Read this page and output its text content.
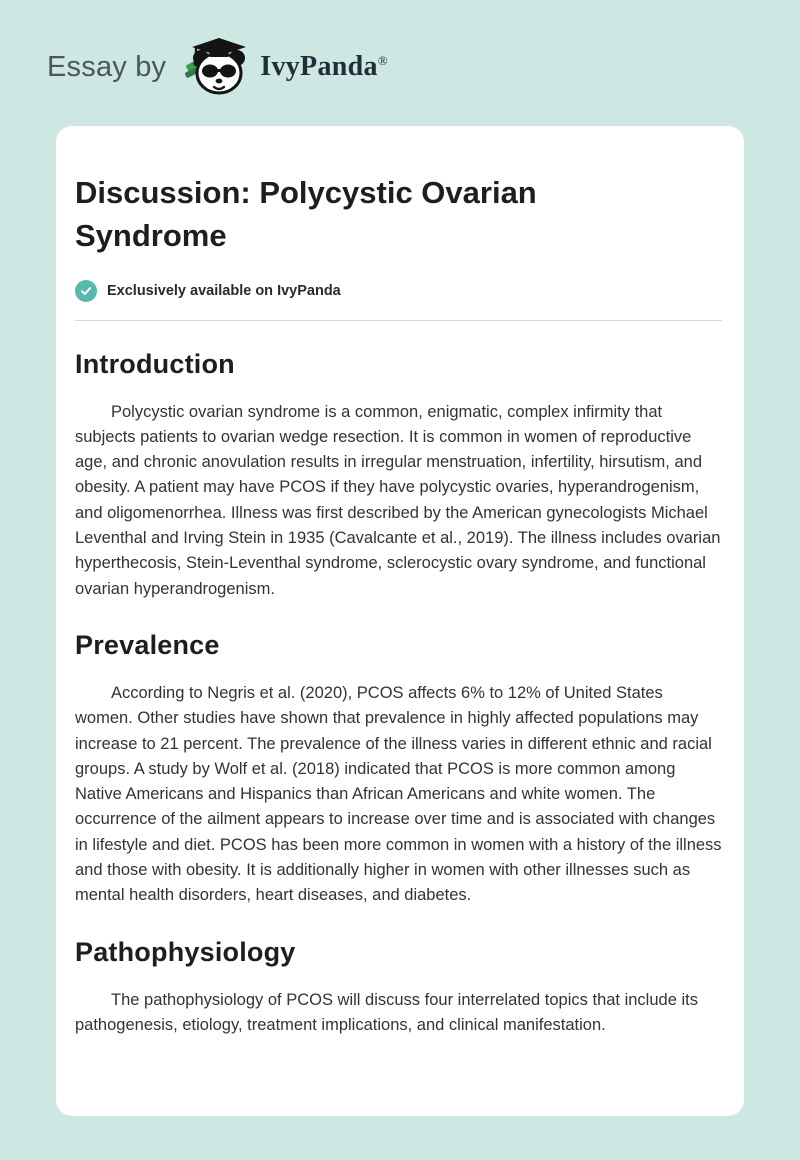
Essay by	IvyPanda®
Discussion: Polycystic Ovarian Syndrome
Exclusively available on IvyPanda
Introduction

Polycystic ovarian syndrome is a common, enigmatic, complex infirmity that subjects patients to ovarian wedge resection. It is common in women of reproductive age, and chronic anovulation results in irregular menstruation, infertility, hirsutism, and obesity. A patient may have PCOS if they have polycystic ovaries, hyperandrogenism, and oligomenorrhea. Illness was first described by the American gynecologists Michael Leventhal and Irving Stein in 1935 (Cavalcante et al., 2019). The illness includes ovarian hyperthecosis, Stein-Leventhal syndrome, sclerocystic ovary syndrome, and functional ovarian hyperandrogenism.

Prevalence

According to Negris et al. (2020), PCOS affects 6% to 12% of United States women. Other studies have shown that prevalence in highly affected populations may increase to 21 percent. The prevalence of the illness varies in different ethnic and racial groups. A study by Wolf et al. (2018) indicated that PCOS is more common among Native Americans and Hispanics than African Americans and white women. The occurrence of the ailment appears to increase over time and is associated with changes in lifestyle and diet. PCOS has been more common in women with a history of the illness and those with obesity. It is additionally higher in women with other illnesses such as mental health disorders, heart diseases, and diabetes.

Pathophysiology

The pathophysiology of PCOS will discuss four interrelated topics that include its pathogenesis, etiology, treatment implications, and clinical manifestation.
